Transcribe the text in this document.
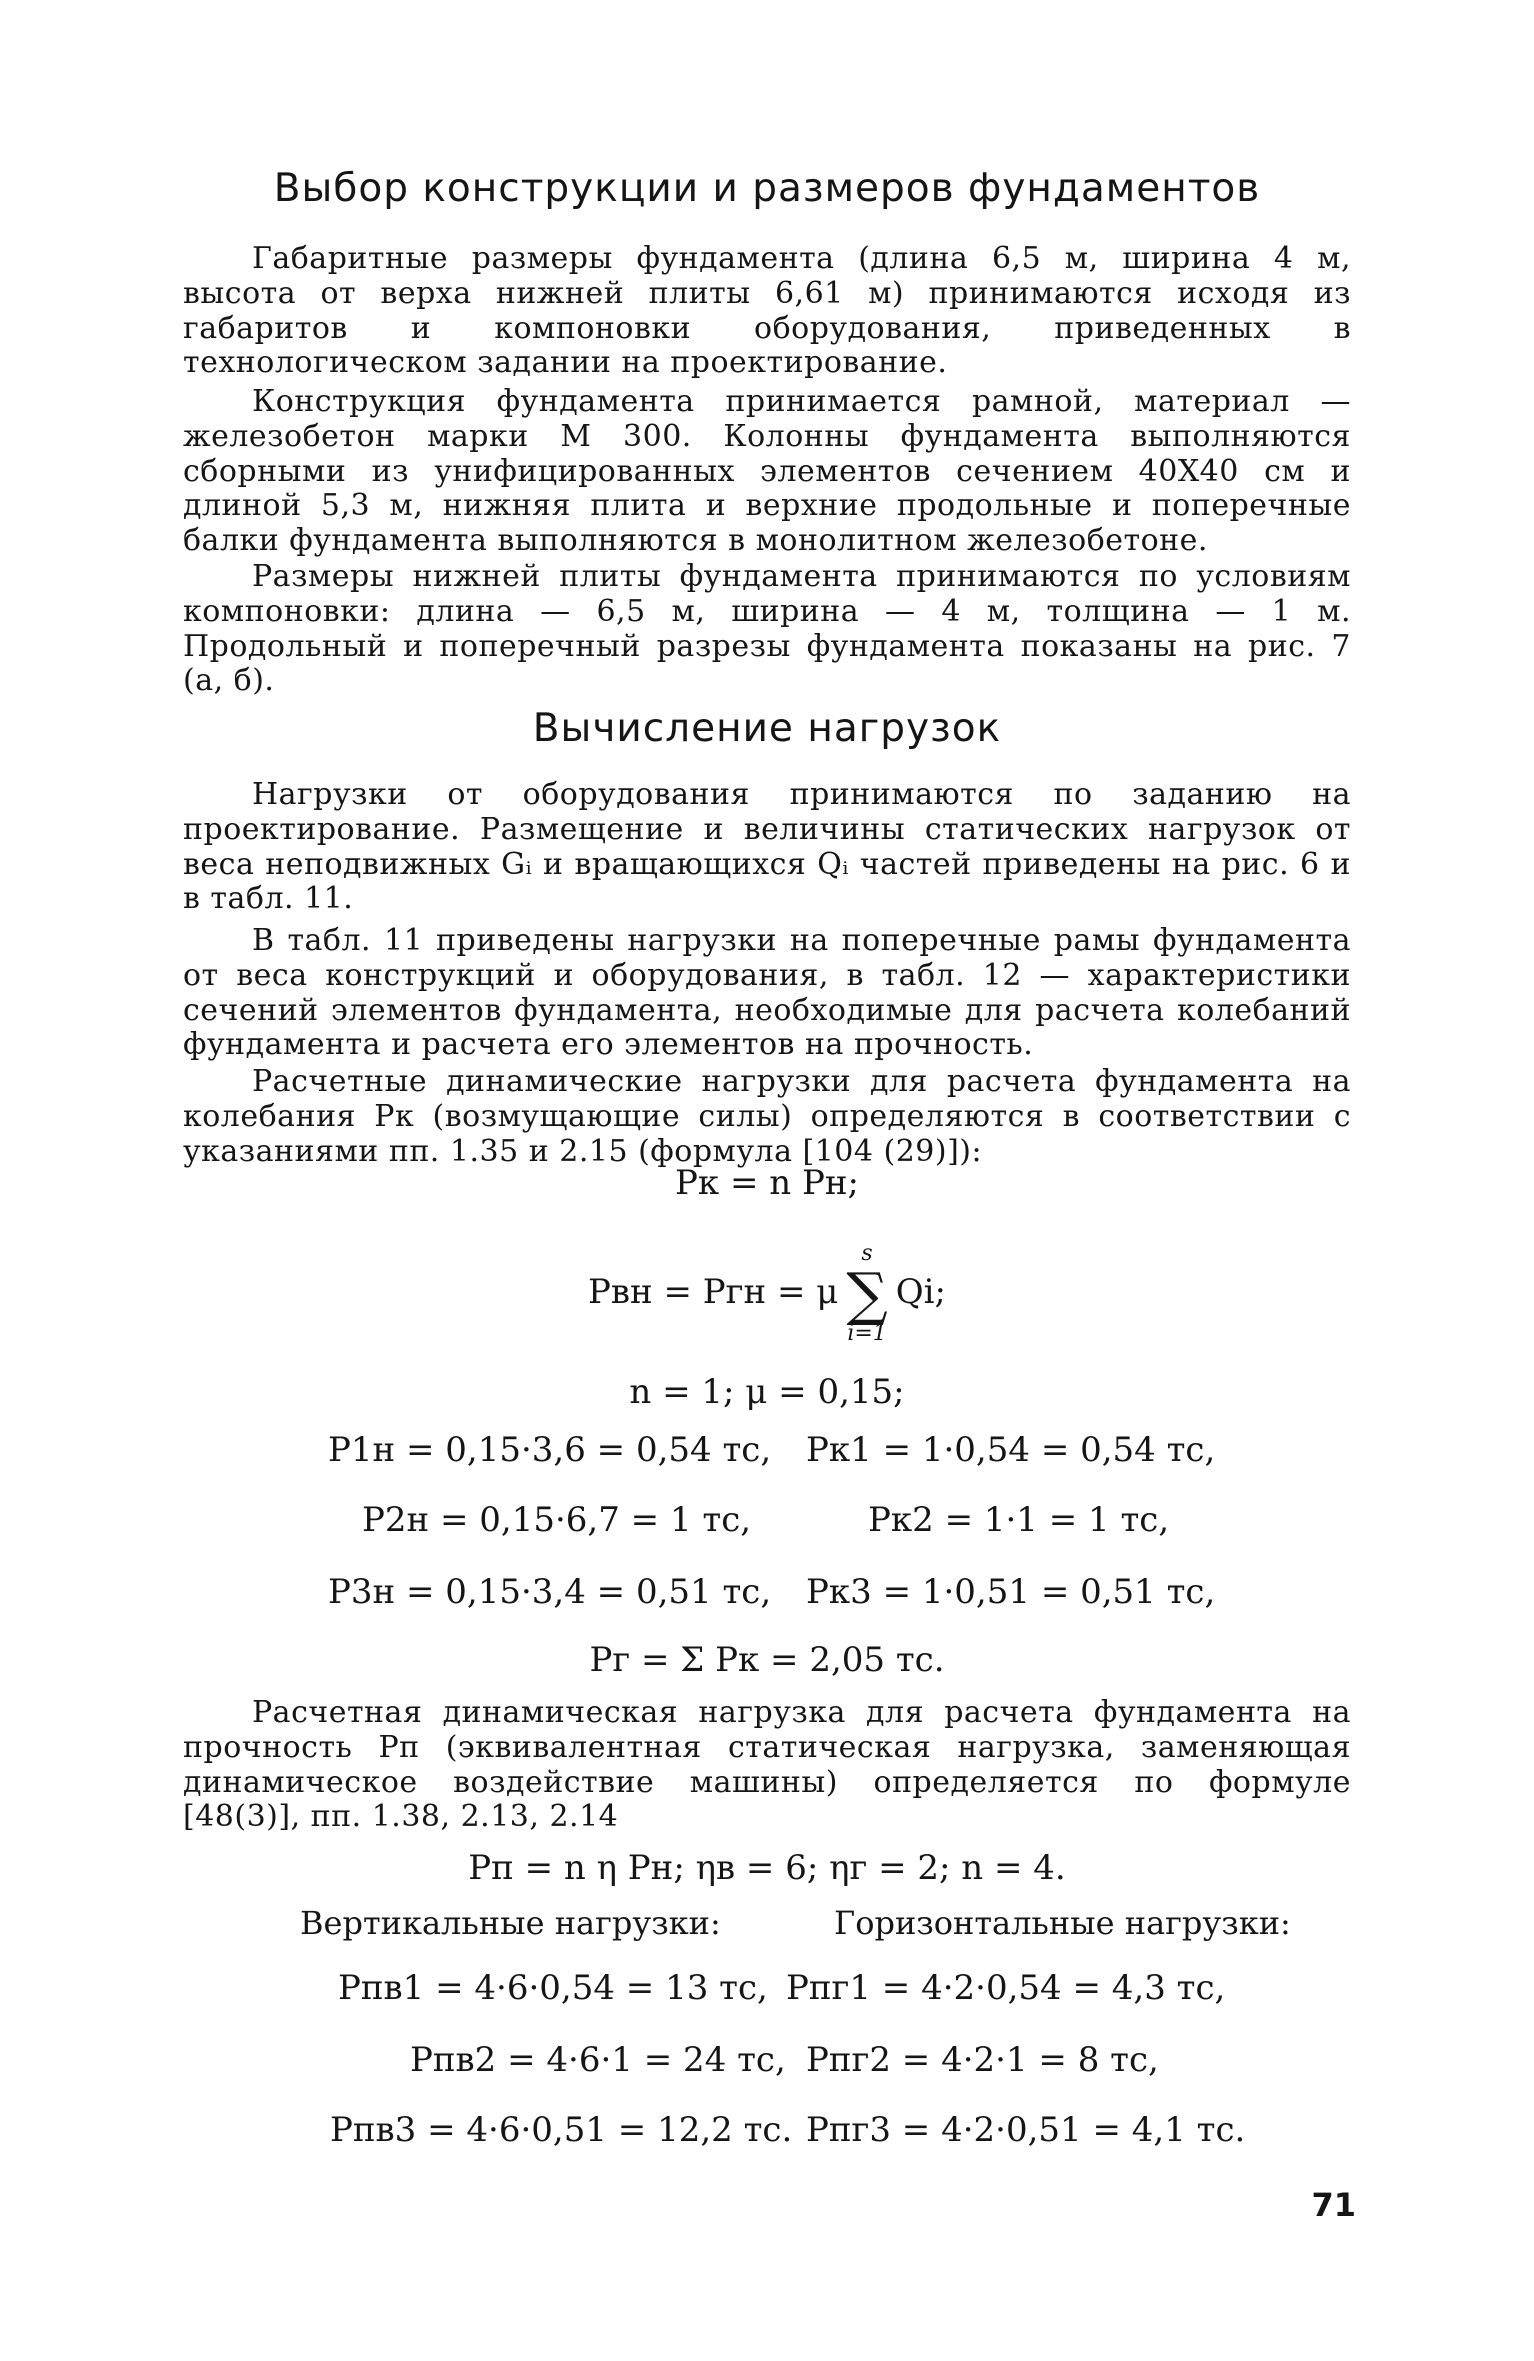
Выбор конструкции и размеров фундаментов

Габаритные размеры фундамента (длина 6,5 м, ширина 4 м, высота от верха нижней плиты 6,61 м) принимаются исходя из габаритов и компоновки оборудования, приведенных в технологическом задании на проектирование.

Конструкция фундамента принимается рамной, материал — железобетон марки М 300. Колонны фундамента выполняются сборными из унифицированных элементов сечением 40X40 см и длиной 5,3 м, нижняя плита и верхние продольные и поперечные балки фундамента выполняются в монолитном железобетоне.

Размеры нижней плиты фундамента принимаются по условиям компоновки: длина — 6,5 м, ширина — 4 м, толщина — 1 м. Продольный и поперечный разрезы фундамента показаны на рис. 7 (а, б).

Вычисление нагрузок

Нагрузки от оборудования принимаются по заданию на проектирование. Размещение и величины статических нагрузок от веса неподвижных Gᵢ и вращающихся Qᵢ частей приведены на рис. 6 и в табл. 11.

В табл. 11 приведены нагрузки на поперечные рамы фундамента от веса конструкций и оборудования, в табл. 12 — характеристики сечений элементов фундамента, необходимые для расчета колебаний фундамента и расчета его элементов на прочность.

Расчетные динамические нагрузки для расчета фундамента на колебания Pк (возмущающие силы) определяются в соответствии с указаниями пп. 1.35 и 2.15 (формула [104 (29)]):

Pк = n Pн;
Pвн = Pгн = μ
s
∑
i=1
Qi;
n = 1; μ = 0,15;
P1н = 0,15·3,6 = 0,54 тс, Pк1 = 1·0,54 = 0,54 тс,
P2н = 0,15·6,7 = 1 тс,	Pк2 = 1·1 = 1 тс,
P3н = 0,15·3,4 = 0,51 тс, Pк3 = 1·0,51 = 0,51 тс,
Pг = Σ Pк = 2,05 тс.

Расчетная динамическая нагрузка для расчета фундамента на прочность Pп (эквивалентная статическая нагрузка, заменяющая динамическое воздействие машины) определяется по формуле [48(3)], пп. 1.38, 2.13, 2.14

Pп = n η Pн; ηв = 6; ηг = 2; n = 4.
Вертикальные нагрузки:	Горизонтальные нагрузки:
Pпв1 = 4·6·0,54 = 13 тс, Pпг1 = 4·2·0,54 = 4,3 тс,
Pпв2 = 4·6·1 = 24 тс, Pпг2 = 4·2·1 = 8 тс,
Pпв3 = 4·6·0,51 = 12,2 тс. Pпг3 = 4·2·0,51 = 4,1 тс.
71
